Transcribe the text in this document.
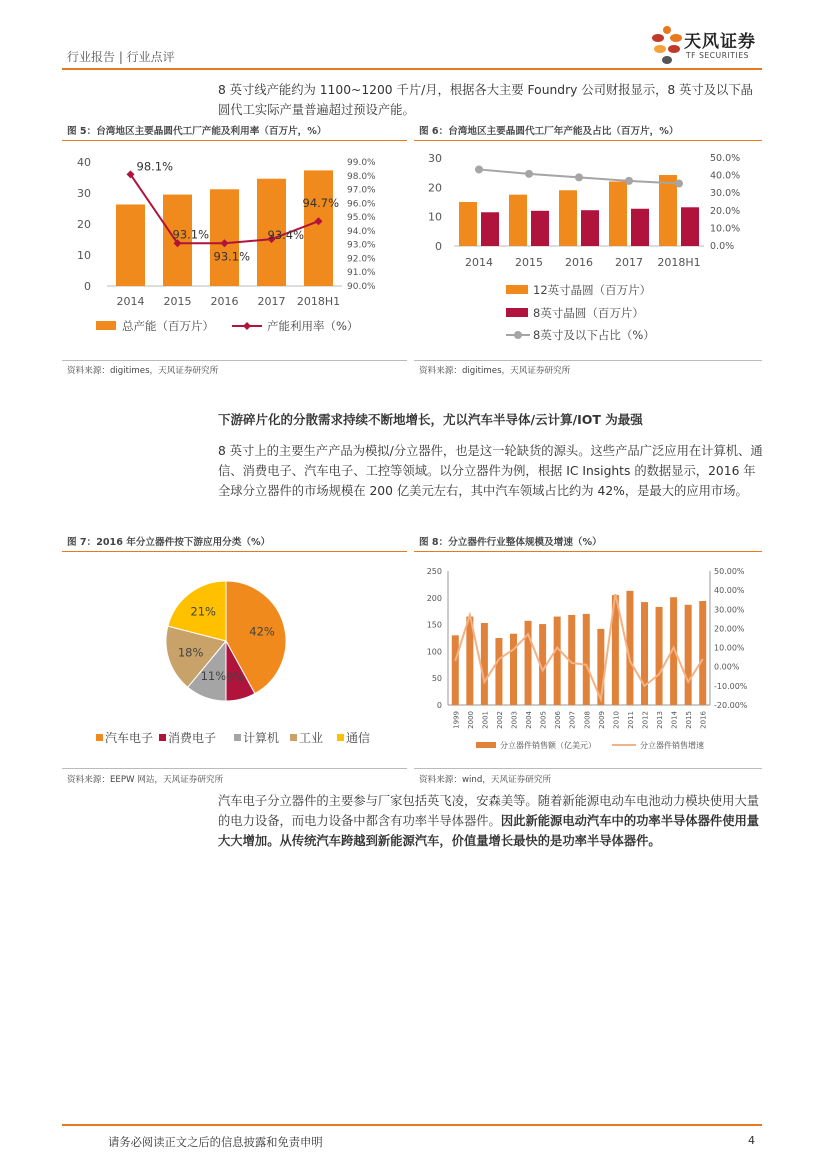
行业报告 | 行业点评
天风证券
TF SECURITIES
8 英寸线产能约为 1100~1200 千片/月，根据各大主要 Foundry 公司财报显示，8 英寸及以下晶圆代工实际产量普遍超过预设产能。
图 5：台湾地区主要晶圆代工厂产能及利用率（百万片，%）
0
10
20
30
40
90.0%
91.0%
92.0%
93.0%
94.0%
95.0%
96.0%
97.0%
98.0%
99.0%
2014 2015 2016 2017 2018H1
98.1%
93.1%
93.1%
93.4%
94.7%
总产能（百万片）	产能利用率（%）
资料来源：digitimes，天风证券研究所
图 6：台湾地区主要晶圆代工厂年产能及占比（百万片，%）
0
10
20
30
0.0%
10.0%
20.0%
30.0%
40.0%
50.0%
2014 2015 2016 2017 2018H1
12英寸晶圆（百万片）
8英寸晶圆（百万片）
8英寸及以下占比（%）
资料来源：digitimes，天风证券研究所
下游碎片化的分散需求持续不断地增长，尤以汽车半导体/云计算/IOT 为最强
8 英寸上的主要生产产品为模拟/分立器件，也是这一轮缺货的源头。这些产品广泛应用在计算机、通信、消费电子、汽车电子、工控等领域。以分立器件为例，根据 IC Insights 的数据显示，2016 年全球分立器件的市场规模在 200 亿美元左右，其中汽车领域占比约为 42%，是最大的应用市场。
图 7：2016 年分立器件按下游应用分类（%）
42%
8%
11%
18%
21%
汽车电子 消费电子 计算机 工业 通信
资料来源：EEPW 网站，天风证券研究所
图 8：分立器件行业整体规模及增速（%）
0
50
100
150
200
250
-20.00%
-10.00%
0.00%
10.00%
20.00%
30.00%
40.00%
50.00%
1999 2000 2001 2002 2003 2004 2005 2006 2007 2008 2009 2010 2011 2012 2013 2014 2015 2016
分立器件销售额（亿美元）	分立器件销售增速
资料来源：wind，天风证券研究所
汽车电子分立器件的主要参与厂家包括英飞凌，安森美等。随着新能源电动车电池动力模块使用大量的电力设备，而电力设备中都含有功率半导体器件。因此新能源电动汽车中的功率半导体器件使用量大大增加。从传统汽车跨越到新能源汽车，价值量增长最快的是功率半导体器件。
请务必阅读正文之后的信息披露和免责申明	4
